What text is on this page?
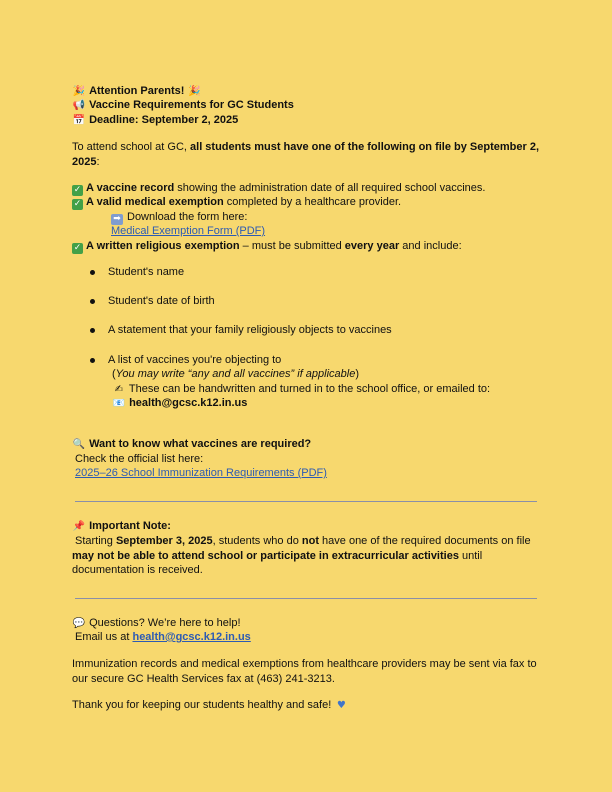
🎉 Attention Parents! 🎉
📢 Vaccine Requirements for GC Students
📅 Deadline: September 2, 2025
To attend school at GC, all students must have one of the following on file by September 2,
2025:
✓ A vaccine record showing the administration date of all required school vaccines.
✓ A valid medical exemption completed by a healthcare provider.
➡ Download the form here:
Medical Exemption Form (PDF)
✓ A written religious exemption – must be submitted every year and include:
Student's name
Student's date of birth
A statement that your family religiously objects to vaccines
A list of vaccines you're objecting to
(You may write “any and all vaccines” if applicable)
✍ These can be handwritten and turned in to the school office, or emailed to:
📧 health@gcsc.k12.in.us
🔍 Want to know what vaccines are required?
Check the official list here:
2025–26 School Immunization Requirements (PDF)
📌 Important Note:
Starting September 3, 2025, students who do not have one of the required documents on file
may not be able to attend school or participate in extracurricular activities until
documentation is received.
💬 Questions? We’re here to help!
Email us at health@gcsc.k12.in.us
Immunization records and medical exemptions from healthcare providers may be sent via fax to
our secure GC Health Services fax at (463) 241-3213.
Thank you for keeping our students healthy and safe! ♥
